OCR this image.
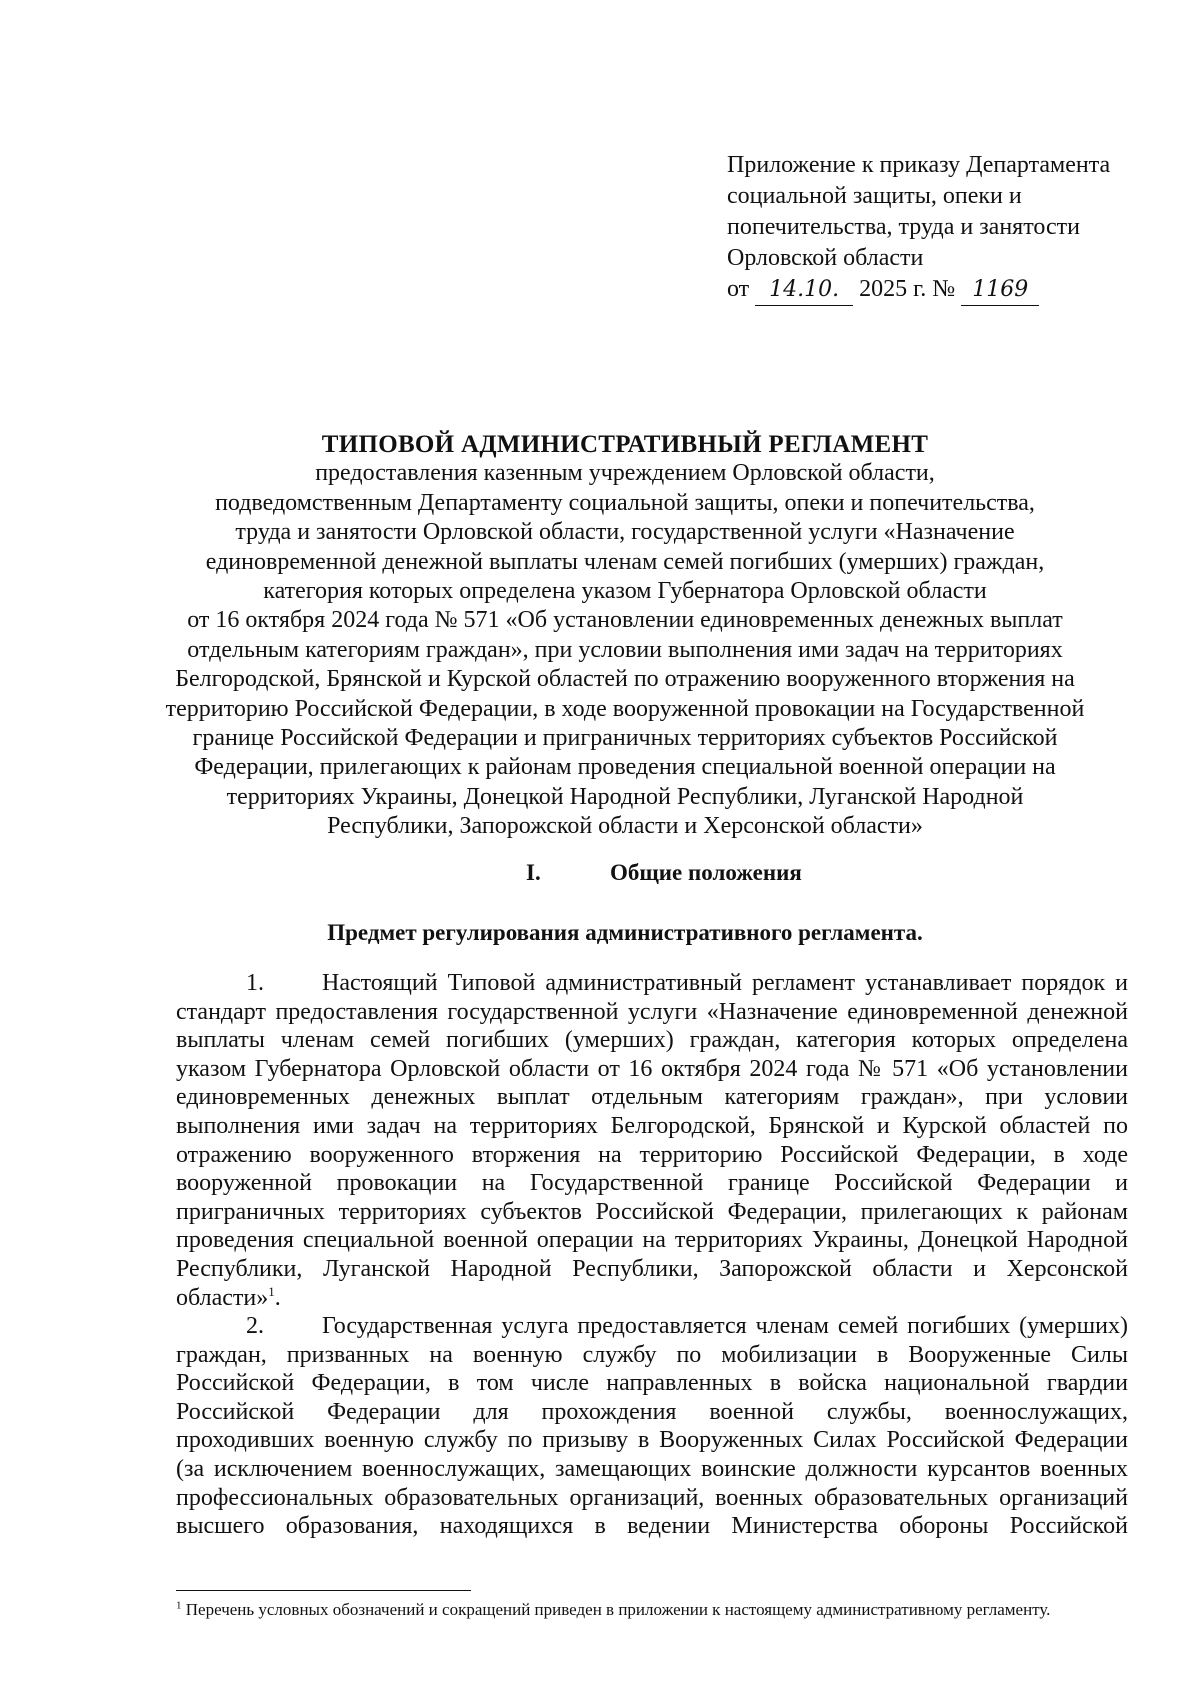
Приложение к приказу Департамента
социальной защиты, опеки и
попечительства, труда и занятости
Орловской области
от 14.10. 2025 г. № 1169
ТИПОВОЙ АДМИНИСТРАТИВНЫЙ РЕГЛАМЕНТ
предоставления казенным учреждением Орловской области,
подведомственным Департаменту социальной защиты, опеки и попечительства,
труда и занятости Орловской области, государственной услуги «Назначение
единовременной денежной выплаты членам семей погибших (умерших) граждан,
категория которых определена указом Губернатора Орловской области
от 16 октября 2024 года № 571 «Об установлении единовременных денежных выплат
отдельным категориям граждан», при условии выполнения ими задач на территориях
Белгородской, Брянской и Курской областей по отражению вооруженного вторжения на
территорию Российской Федерации, в ходе вооруженной провокации на Государственной
границе Российской Федерации и приграничных территориях субъектов Российской
Федерации, прилегающих к районам проведения специальной военной операции на
территориях Украины, Донецкой Народной Республики, Луганской Народной
Республики, Запорожской области и Херсонской области»
I.	Общие положения
Предмет регулирования административного регламента.
1. Настоящий Типовой административный регламент устанавливает порядок и
стандарт предоставления государственной услуги «Назначение единовременной денежной
выплаты членам семей погибших (умерших) граждан, категория которых определена
указом Губернатора Орловской области от 16 октября 2024 года № 571 «Об установлении
единовременных денежных выплат отдельным категориям граждан», при условии
выполнения ими задач на территориях Белгородской, Брянской и Курской областей по
отражению вооруженного вторжения на территорию Российской Федерации, в ходе
вооруженной провокации на Государственной границе Российской Федерации и
приграничных территориях субъектов Российской Федерации, прилегающих к районам
проведения специальной военной операции на территориях Украины, Донецкой Народной
Республики, Луганской Народной Республики, Запорожской области и Херсонской
области»$^1$.
2. Государственная услуга предоставляется членам семей погибших (умерших)
граждан, призванных на военную службу по мобилизации в Вооруженные Силы
Российской Федерации, в том числе направленных в войска национальной гвардии
Российской Федерации для прохождения военной службы, военнослужащих,
проходивших военную службу по призыву в Вооруженных Силах Российской Федерации
(за исключением военнослужащих, замещающих воинские должности курсантов военных
профессиональных образовательных организаций, военных образовательных организаций
высшего образования, находящихся в ведении Министерства обороны Российской
$^1$ Перечень условных обозначений и сокращений приведен в приложении к настоящему административному регламенту.
